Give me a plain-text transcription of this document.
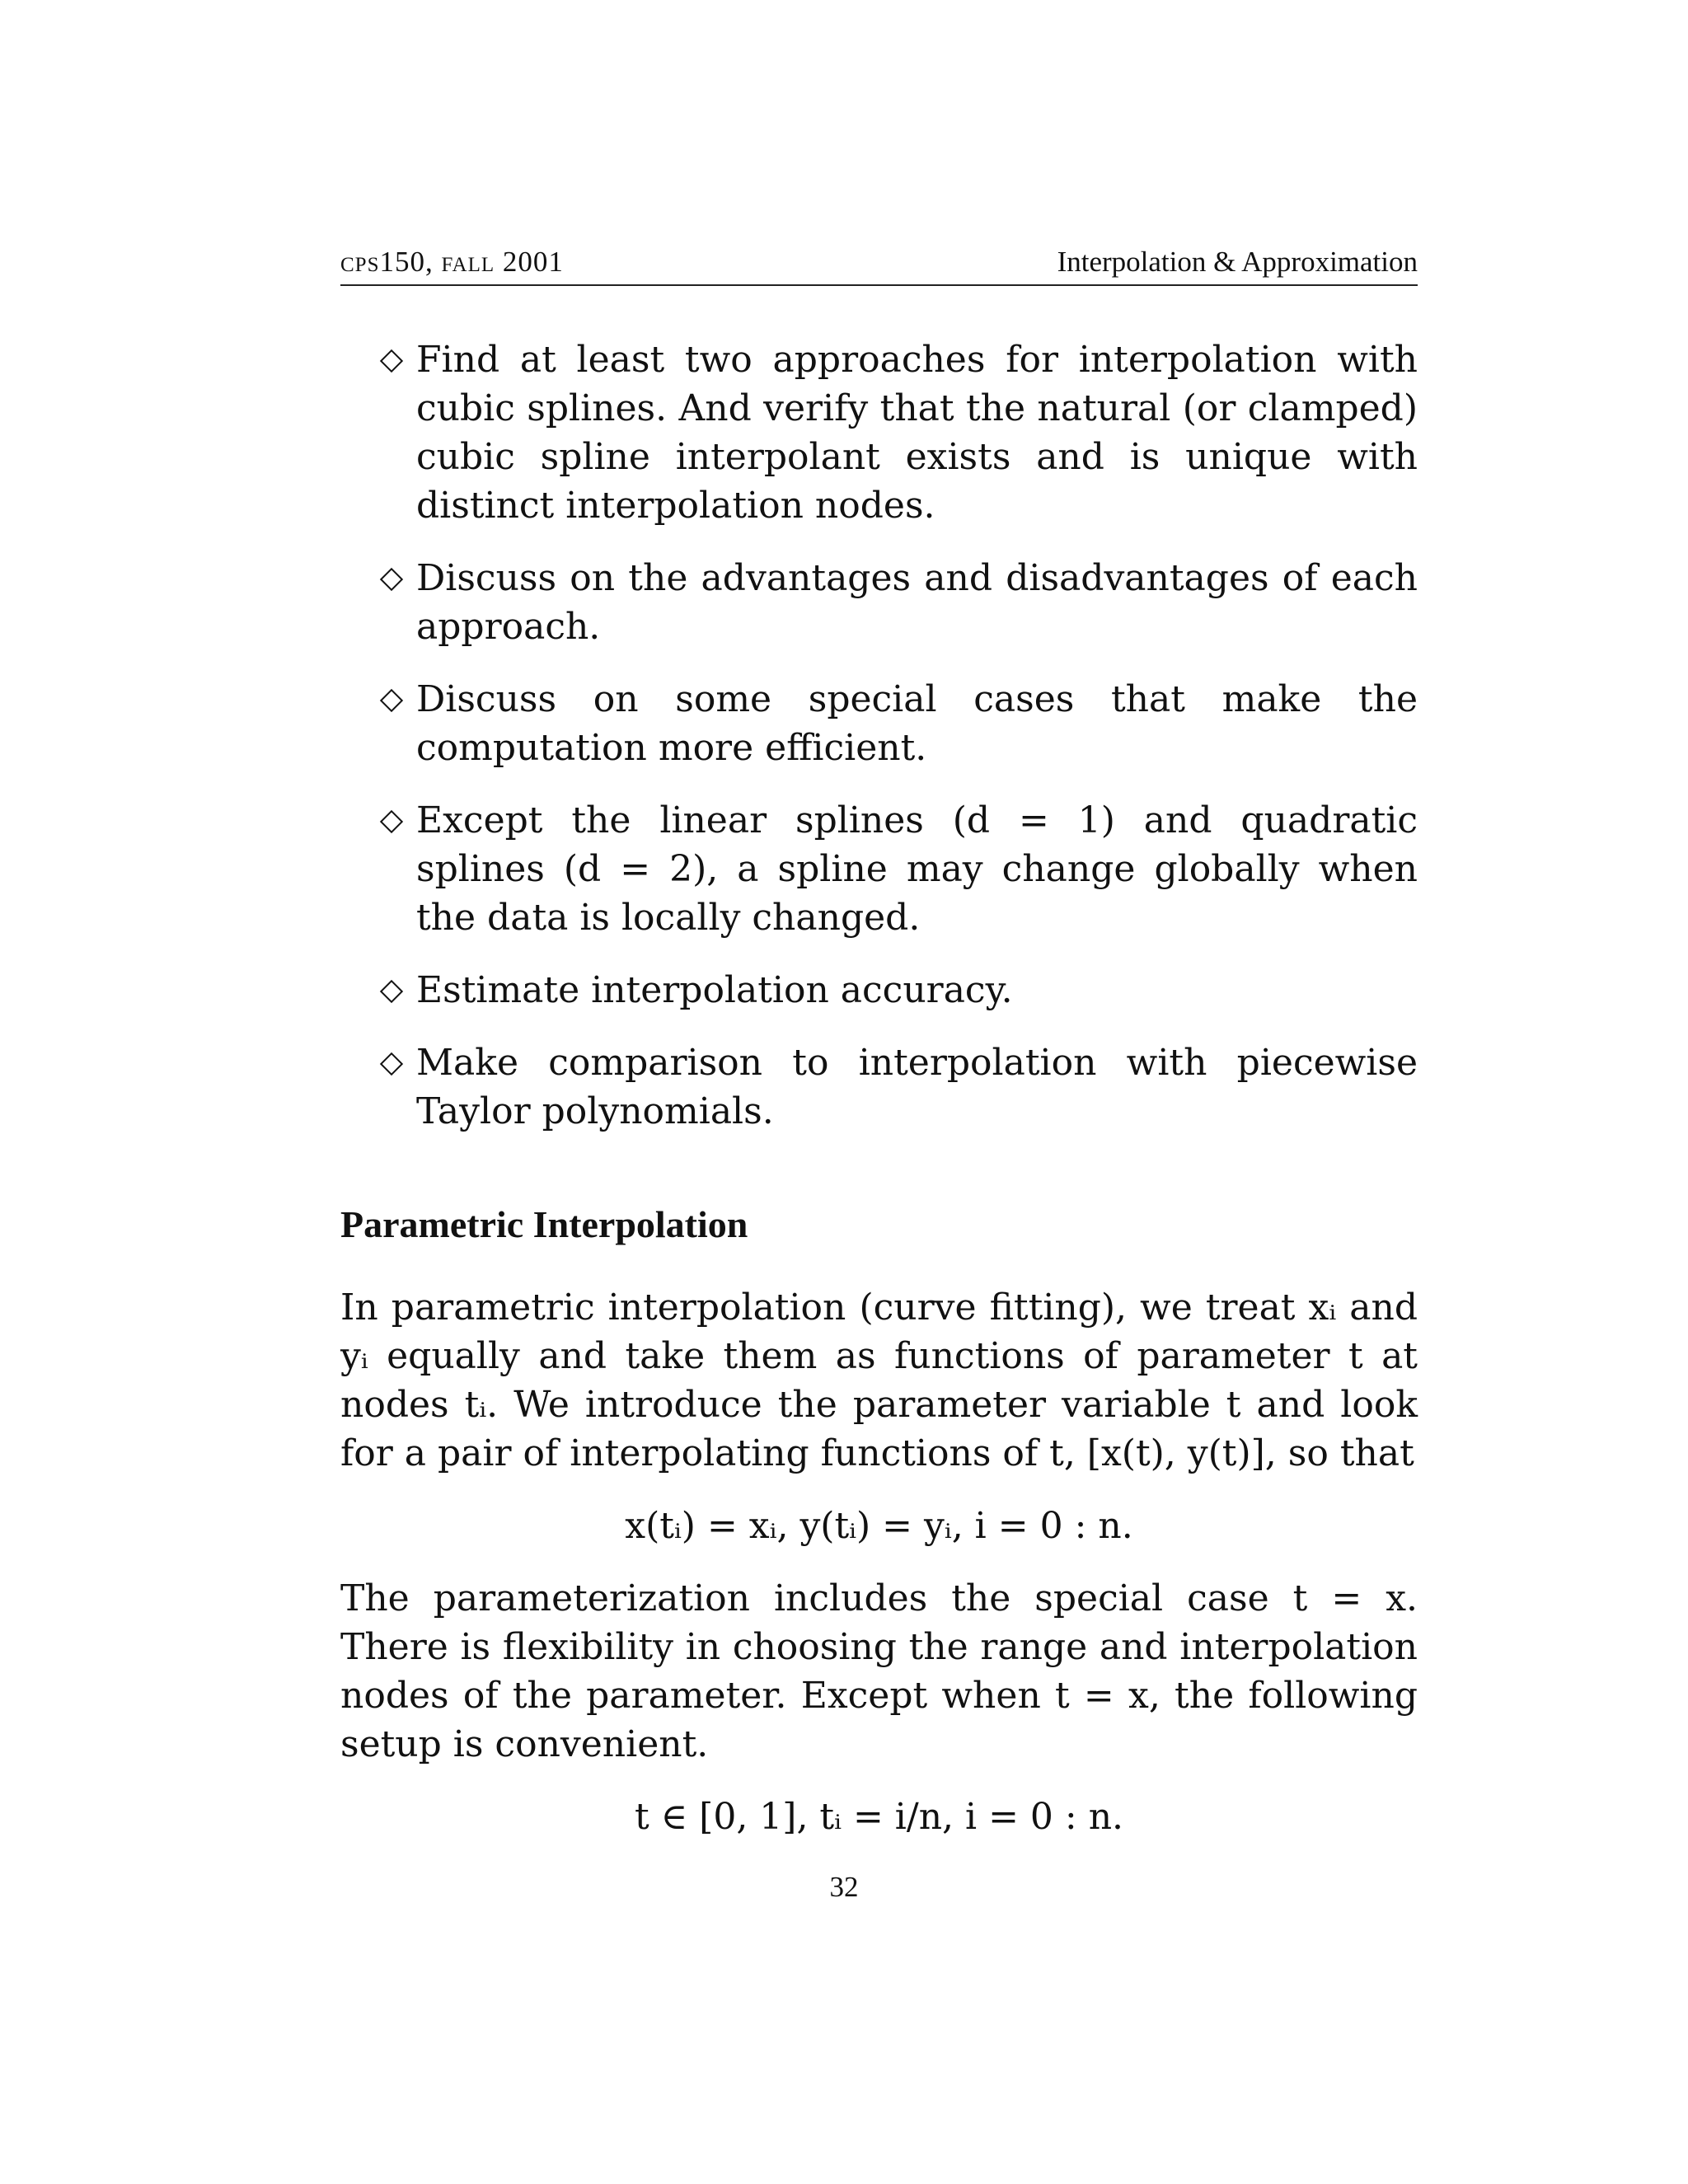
cps150, fall 2001	Interpolation & Approximation
Find at least two approaches for interpolation with cubic splines. And verify that the natural (or clamped) cubic spline interpolant exists and is unique with distinct interpolation nodes.
Discuss on the advantages and disadvantages of each approach.
Discuss on some special cases that make the computation more efficient.
Except the linear splines (d = 1) and quadratic splines (d = 2), a spline may change globally when the data is locally changed.
Estimate interpolation accuracy.
Make comparison to interpolation with piecewise Taylor polynomials.
Parametric Interpolation

In parametric interpolation (curve fitting), we treat xᵢ and yᵢ equally and take them as functions of parameter t at nodes tᵢ. We introduce the parameter variable t and look for a pair of interpolating functions of t, [x(t), y(t)], so that

x(tᵢ) = xᵢ, y(tᵢ) = yᵢ, i = 0 : n.

The parameterization includes the special case t = x. There is flexibility in choosing the range and interpolation nodes of the parameter. Except when t = x, the following setup is convenient.

t ∈ [0, 1], tᵢ = i/n, i = 0 : n.
32
